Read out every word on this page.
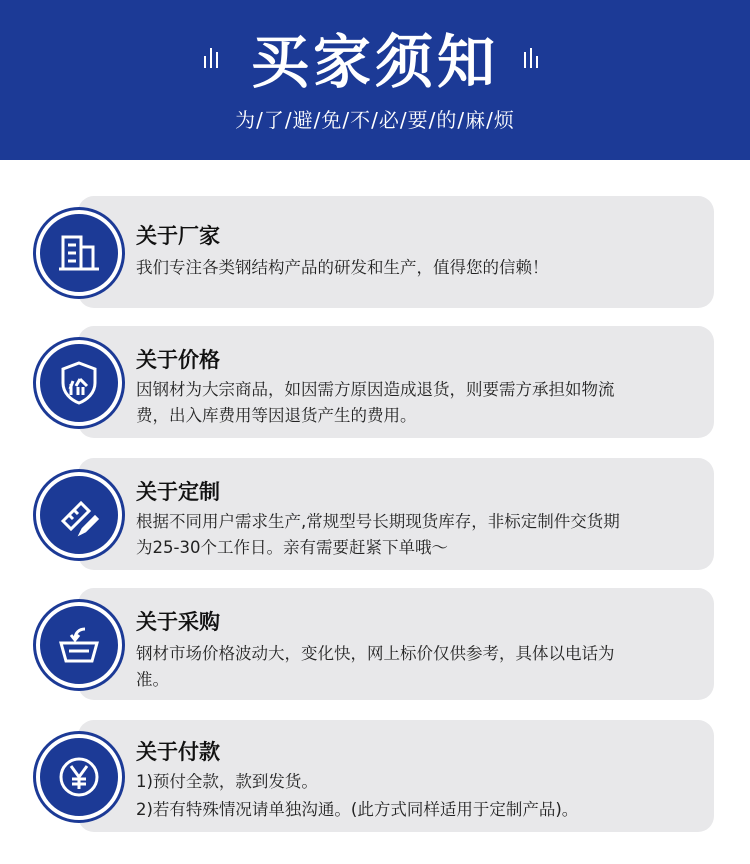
买家须知
为/了/避/免/不/必/要/的/麻/烦
关于厂家
我们专注各类钢结构产品的研发和生产，值得您的信赖！
关于价格
因钢材为大宗商品，如因需方原因造成退货，则要需方承担如物流
费，出入库费用等因退货产生的费用。
关于定制
根据不同用户需求生产,常规型号长期现货库存，非标定制件交货期
为25-30个工作日。亲有需要赶紧下单哦～
关于采购
钢材市场价格波动大，变化快，网上标价仅供参考，具体以电话为
准。
关于付款
1)预付全款，款到发货。
2)若有特殊情况请单独沟通。(此方式同样适用于定制产品)。
